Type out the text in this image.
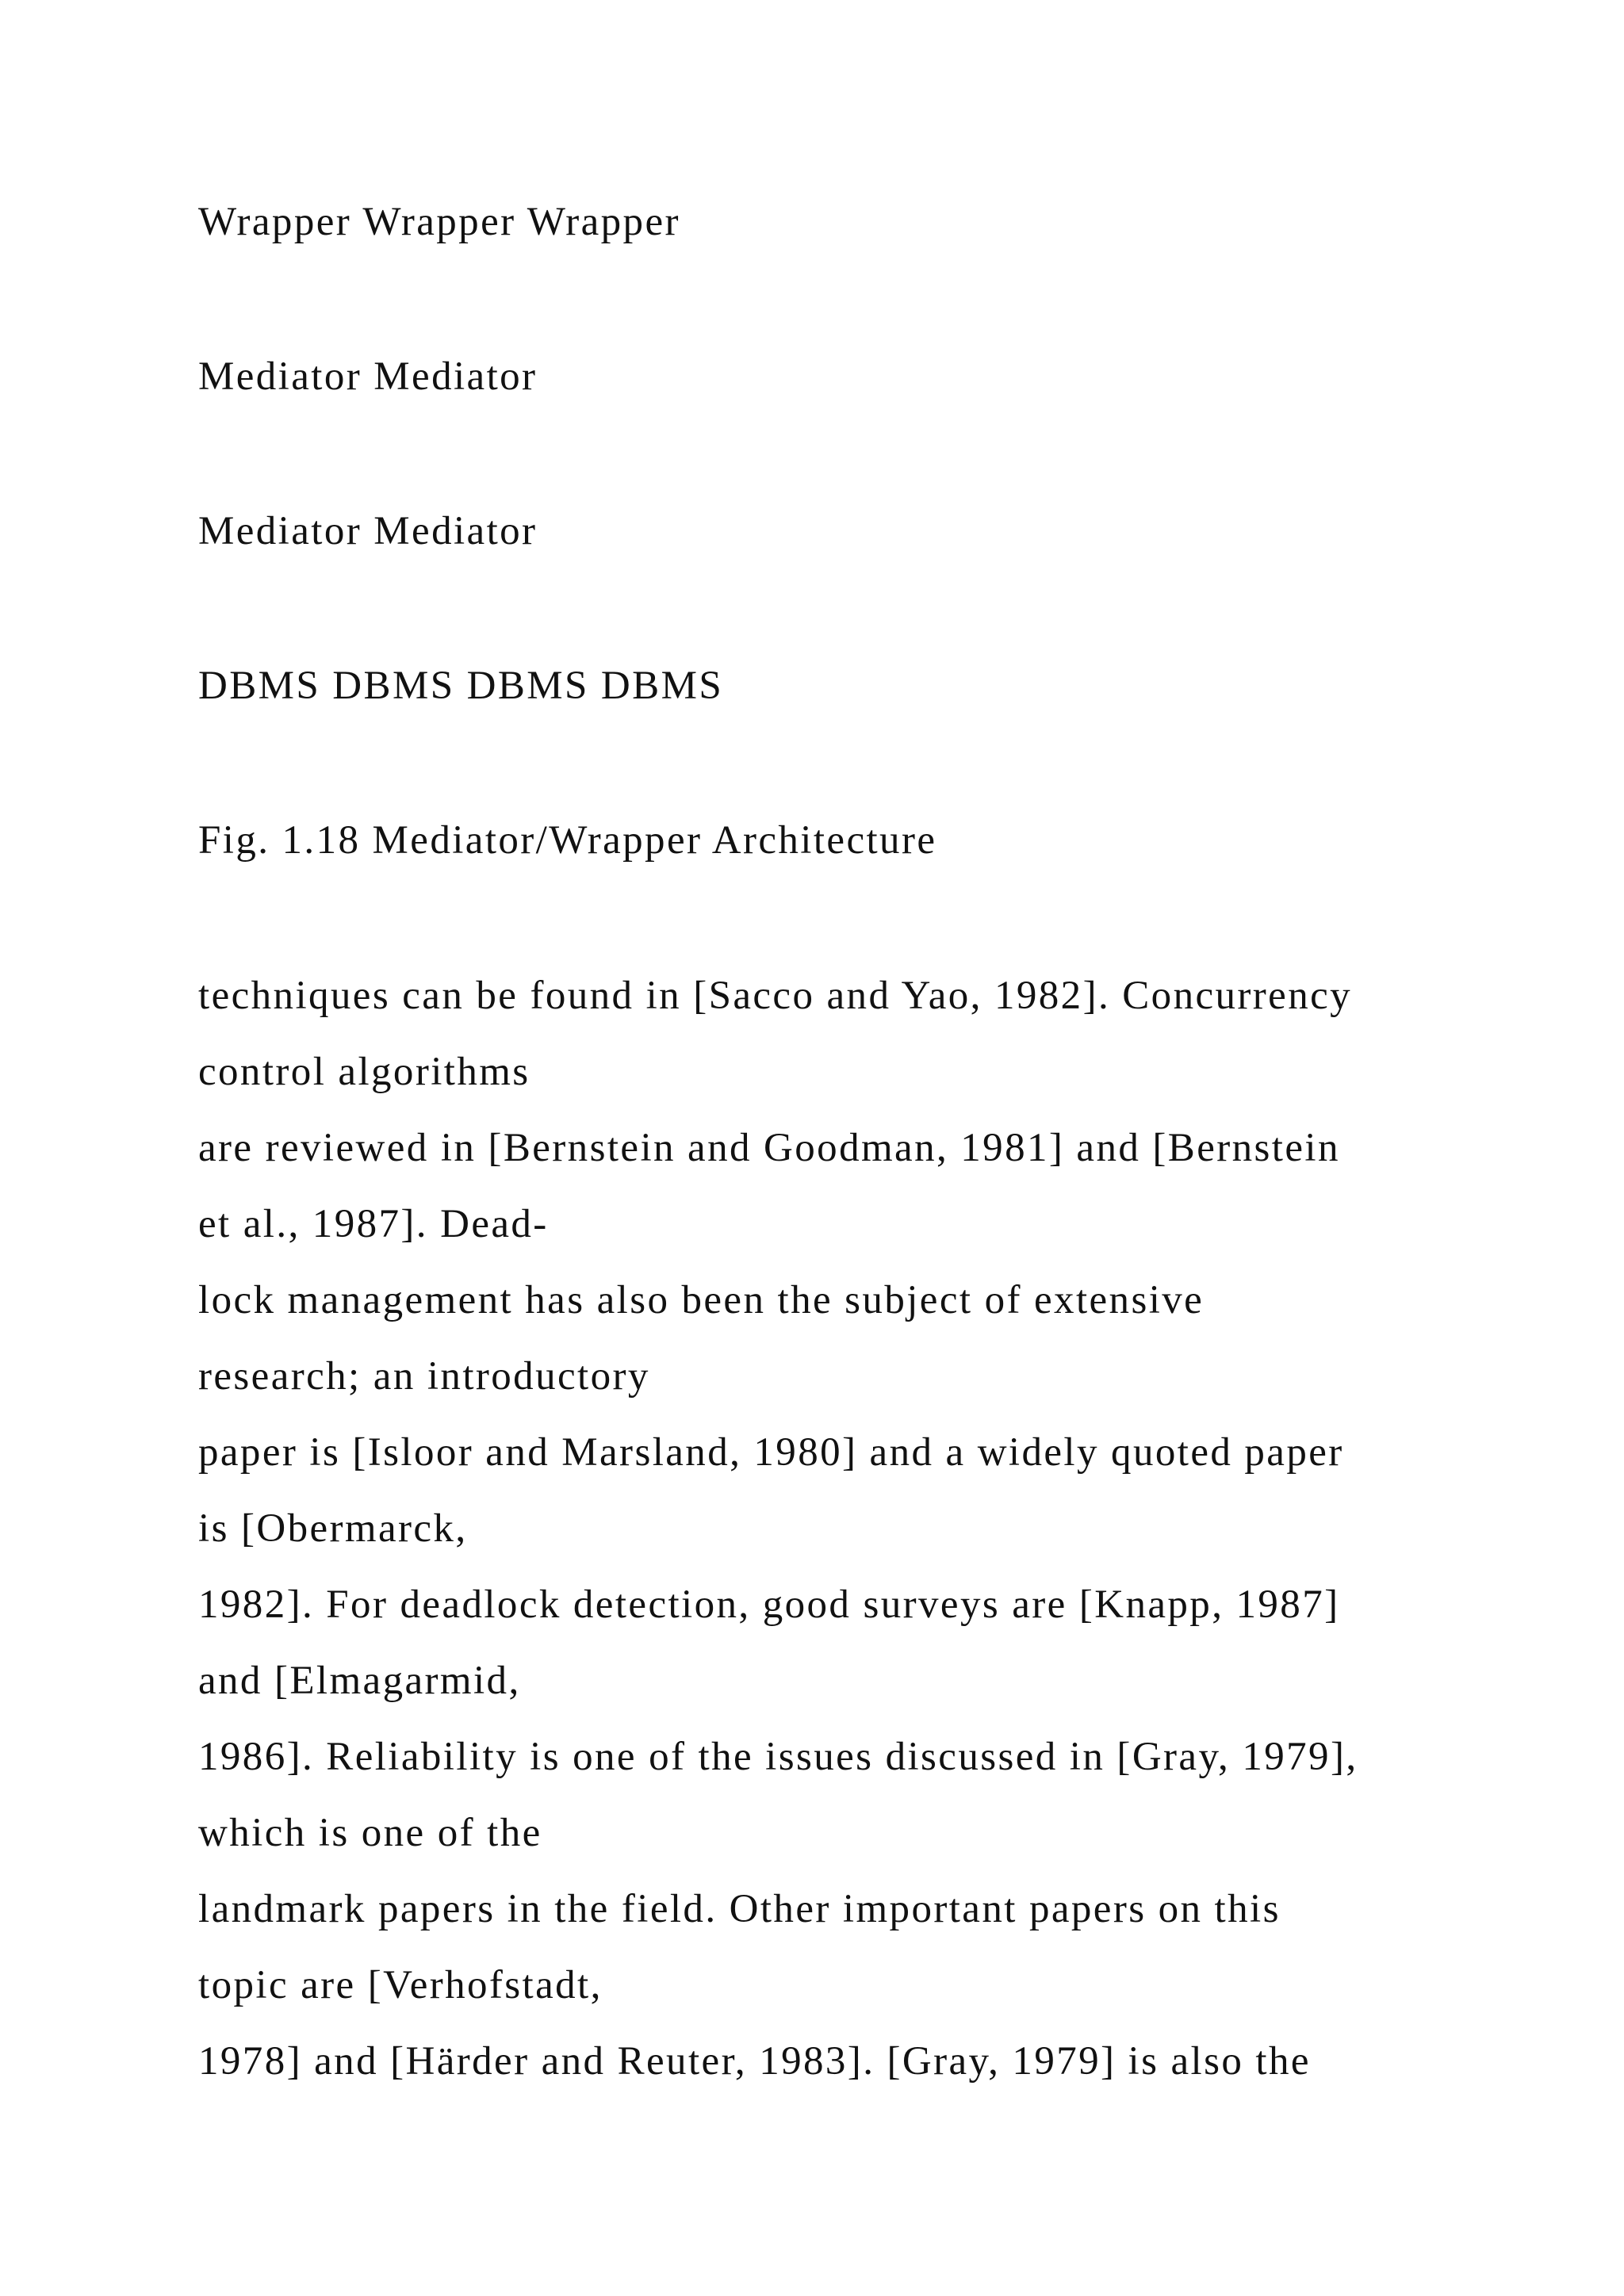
Wrapper Wrapper Wrapper

Mediator Mediator

Mediator Mediator

DBMS DBMS DBMS DBMS

Fig. 1.18 Mediator/Wrapper Architecture

techniques can be found in [Sacco and Yao, 1982]. Concurrency

control algorithms

are reviewed in [Bernstein and Goodman, 1981] and [Bernstein

et al., 1987]. Dead-

lock management has also been the subject of extensive

research; an introductory

paper is [Isloor and Marsland, 1980] and a widely quoted paper

is [Obermarck,

1982]. For deadlock detection, good surveys are [Knapp, 1987]

and [Elmagarmid,

1986]. Reliability is one of the issues discussed in [Gray, 1979],

which is one of the

landmark papers in the field. Other important papers on this

topic are [Verhofstadt,

1978] and [Härder and Reuter, 1983]. [Gray, 1979] is also the
